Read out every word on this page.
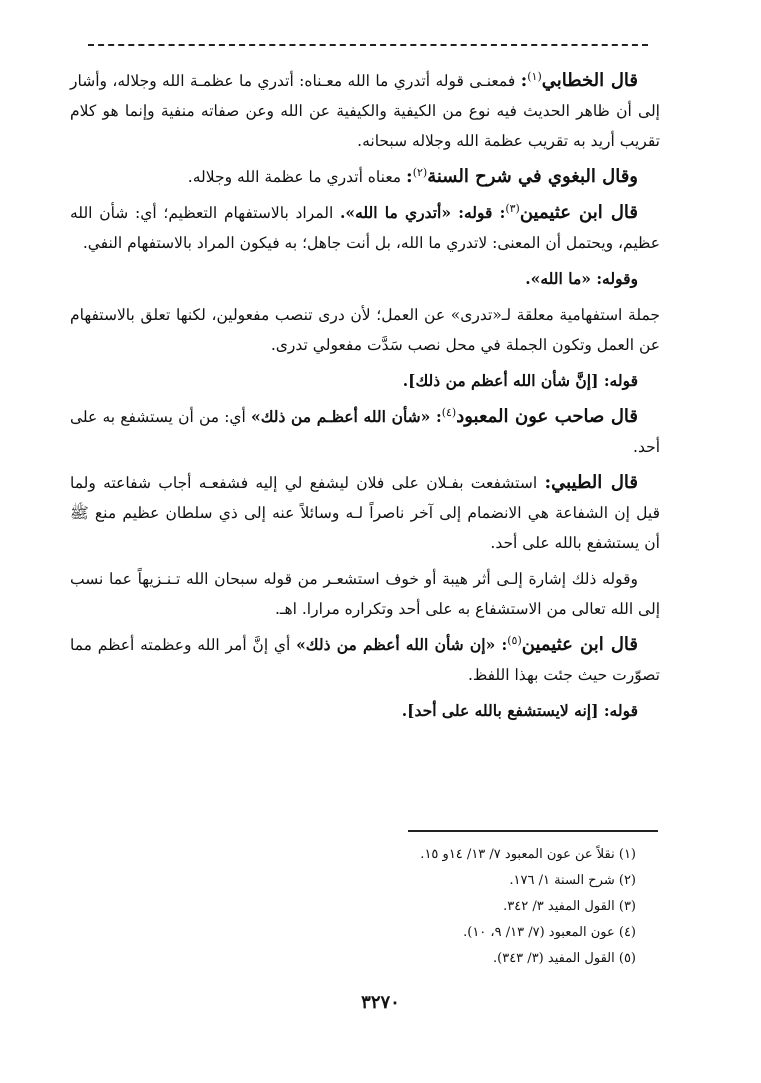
قال الخطابي$^{(١)}$: فمعنـى قوله أتدري ما الله معـناه: أتدري ما عظمـة الله وجلاله، وأشار إلى أن ظاهر الحديث فيه نوع من الكيفية والكيفية عن الله وعن صفاته منفية وإنما هو كلام تقريب أريد به تقريب عظمة الله وجلاله سبحانه.

وقال البغوي في شرح السنة$^{(٢)}$: معناه أتدري ما عظمة الله وجلاله.

قال ابن عثيمين$^{(٣)}$: قوله: «أتدري ما الله». المراد بالاستفهام التعظيم؛ أي: شأن الله عظيم، ويحتمل أن المعنى: لاتدري ما الله، بل أنت جاهل؛ به فيكون المراد بالاستفهام النفي.

وقوله: «ما الله».

جملة استفهامية معلقة لـ«تدرى» عن العمل؛ لأن درى تنصب مفعولين، لكنها تعلق بالاستفهام عن العمل وتكون الجملة في محل نصب سَدَّت مفعولي تدرى.

قوله: [إنَّ شأن الله أعظم من ذلك].

قال صاحب عون المعبود$^{(٤)}$: «شأن الله أعظـم من ذلك» أي: من أن يستشفع به على أحد.

قال الطيبي: استشفعت بفـلان على فلان ليشفع لي إليه فشفعـه أجاب شفاعته ولما قيل إن الشفاعة هي الانضمام إلى آخر ناصراً لـه وسائلاً عنه إلى ذي سلطان عظيم منع ﷺ أن يستشفع بالله على أحد.

وقوله ذلك إشارة إلـى أثر هيبة أو خوف استشعـر من قوله سبحان الله تـنـزيهاً عما نسب إلى الله تعالى من الاستشفاع به على أحد وتكراره مرارا. اهـ.

قال ابن عثيمين$^{(٥)}$: «إن شأن الله أعظم من ذلك» أي إنَّ أمر الله وعظمته أعظم مما تصوّرت حيث جئت بهذا اللفظ.

قوله: [إنه لايستشفع بالله على أحد].

(١) نقلاً عن عون المعبود ٧/ ١٣/ ١٤و ١٥.
(٢) شرح السنة ١/ ١٧٦.
(٣) القول المفيد ٣/ ٣٤٢.
(٤) عون المعبود (٧/ ١٣/ ٩، ١٠).
(٥) القول المفيد (٣/ ٣٤٣).
٣٢٧٠
